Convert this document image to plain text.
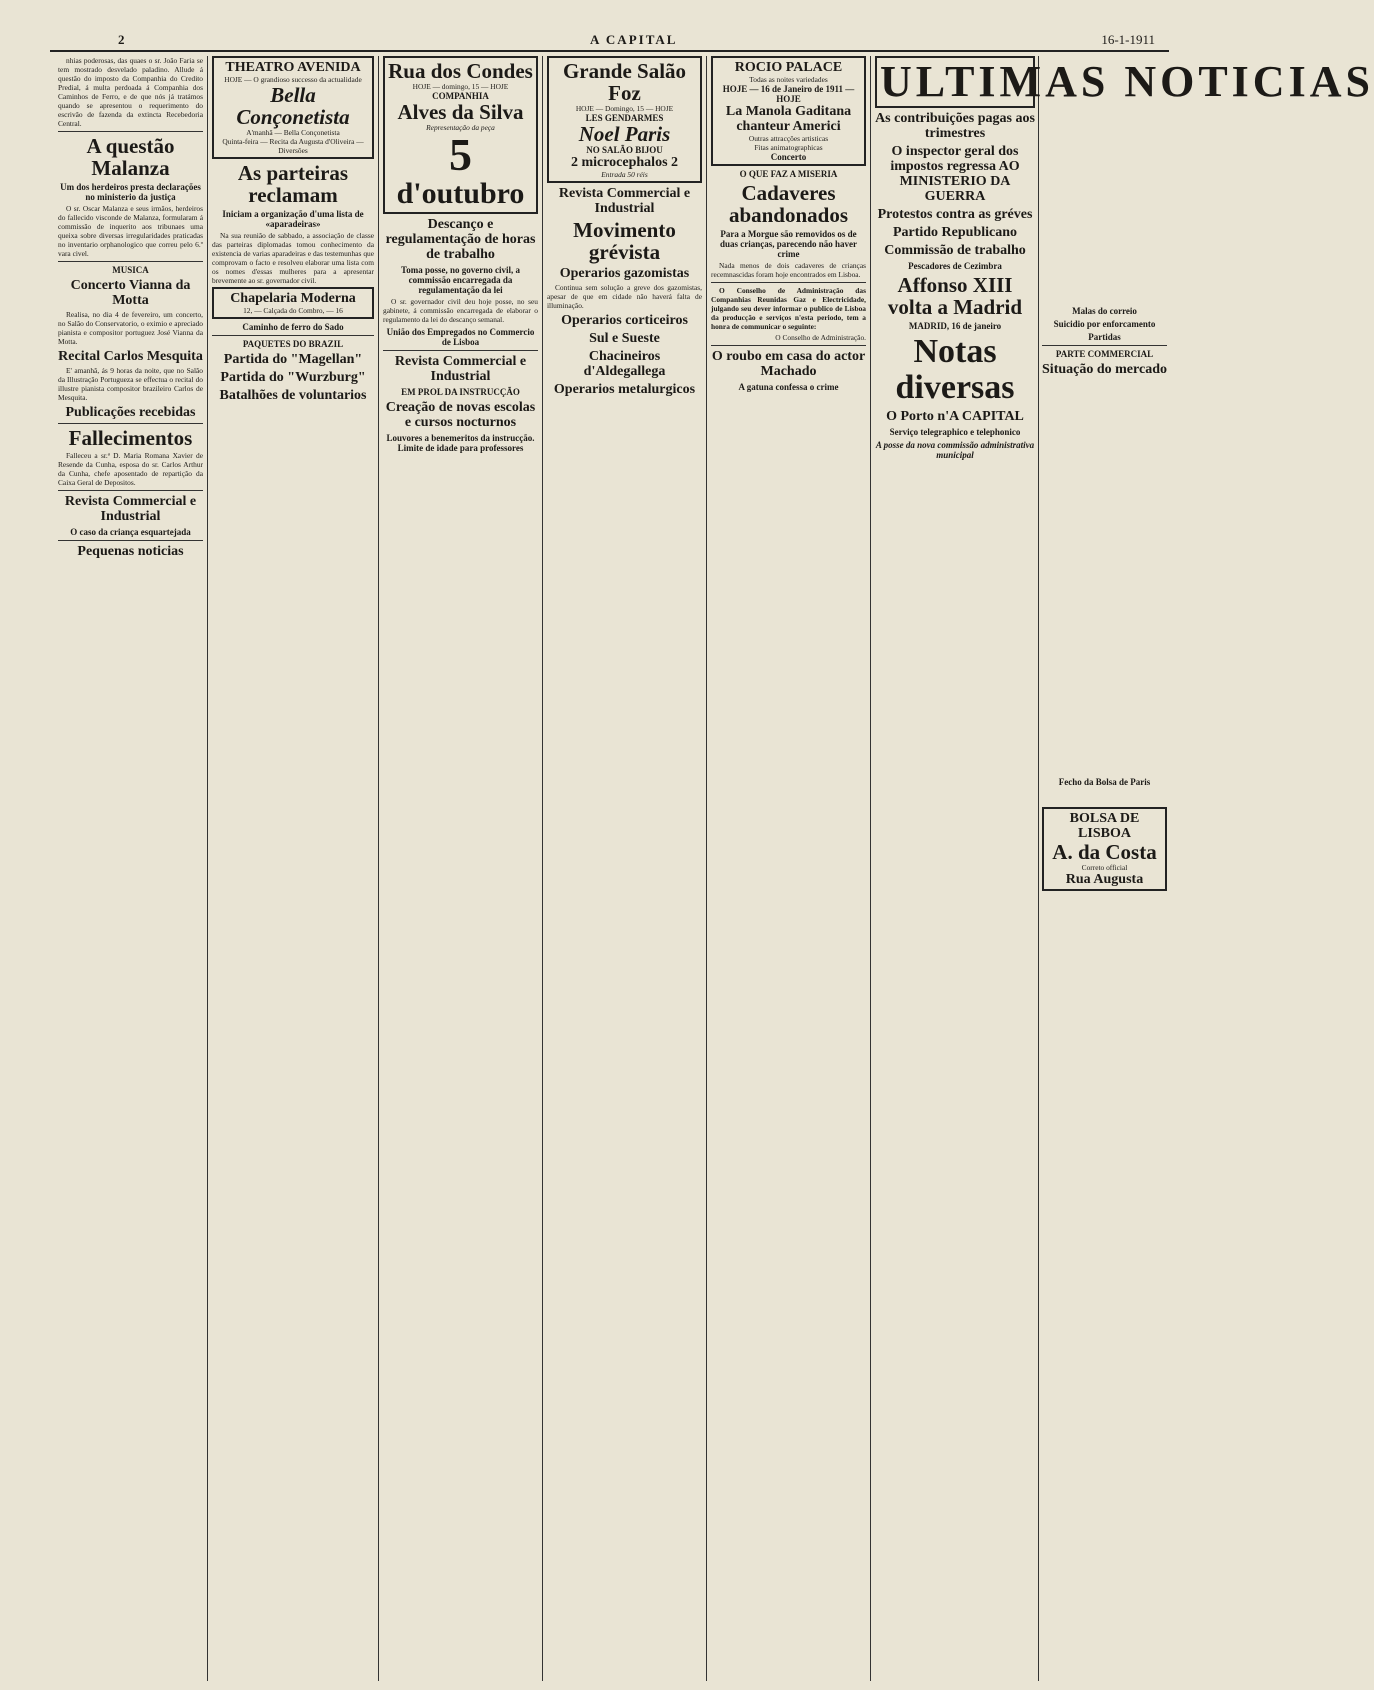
2	A CAPITAL	16-1-1911

nhias poderosas, das quaes o sr. João Faria se tem mostrado desvelado paladino. Allude á questão do imposto da Companhia do Credito Predial, á multa perdoada á Companhia dos Caminhos de Ferro, e de que nós já tratámos quando se apresentou o requerimento do escrivão de fazenda da extincta Recebedoria Central.

A questão Malanza
Um dos herdeiros presta declarações no ministerio da justiça

O sr. Oscar Malanza e seus irmãos, herdeiros do fallecido visconde de Malanza, formularam á commissão de inquerito aos tribunaes uma queixa sobre diversas irregularidades praticadas no inventario orphanologico que correu pelo 6.º vara civel.

MUSICA
Concerto Vianna da Motta

Realisa, no dia 4 de fevereiro, um concerto, no Salão do Conservatorio, o eximio e apreciado pianista e compositor portuguez José Vianna da Motta.

Recital Carlos Mesquita

E' amanhã, ás 9 horas da noite, que no Salão da Illustração Portugueza se effectua o recital do illustre pianista compositor brazileiro Carlos de Mesquita.

Publicações recebidas
Fallecimentos

Falleceu a sr.ª D. Maria Romana Xavier de Resende da Cunha, esposa do sr. Carlos Arthur da Cunha, chefe aposentado de repartição da Caixa Geral de Depositos.

Revista Commercial e Industrial
O caso da criança esquartejada
Pequenas noticias
THEATRO AVENIDA
HOJE — O grandioso successo da actualidade
Bella Conçonetista
A'manhã — Bella Conçonetista
Quinta-feira — Recita da Augusta d'Oliveira — Diversões
As parteiras reclamam
Iniciam a organização d'uma lista de «aparadeiras»

Na sua reunião de sabbado, a associação de classe das parteiras diplomadas tomou conhecimento da existencia de varias aparadeiras e das testemunhas que comprovam o facto e resolveu elaborar uma lista com os nomes d'essas mulheres para a apresentar brevemente ao sr. governador civil.

Chapelaria Moderna
12, — Calçada do Combro, — 16
Caminho de ferro do Sado
PAQUETES DO BRAZIL
Partida do "Magellan"
Partida do "Wurzburg"
Batalhões de voluntarios
Rua dos Condes
HOJE — domingo, 15 — HOJE
COMPANHIA
Alves da Silva
Representação da peça
5
d'outubro
Descanço e regulamentação de horas de trabalho
Toma posse, no governo civil, a commissão encarregada da regulamentação da lei

O sr. governador civil deu hoje posse, no seu gabinete, á commissão encarregada de elaborar o regulamento da lei do descanço semanal.

União dos Empregados no Commercio de Lisboa
Revista Commercial e Industrial
EM PROL DA INSTRUCÇÃO
Creação de novas escolas e cursos nocturnos
Louvores a benemeritos da instrucção. Limite de idade para professores
Grande Salão Foz
HOJE — Domingo, 15 — HOJE
LES GENDARMES
Noel Paris
NO SALÃO BIJOU
2 microcephalos 2
Entrada 50 réis
Revista Commercial e Industrial
Movimento grévista
Operarios gazomistas

Continua sem solução a greve dos gazomistas, apesar de que em cidade não haverá falta de illuminação.

Operarios corticeiros
Sul e Sueste
Chacineiros d'Aldegallega
Operarios metalurgicos
ROCIO PALACE
Todas as noites variedades
HOJE — 16 de Janeiro de 1911 — HOJE
La Manola Gaditana
chanteur Americi
Outras attracções artisticas
Fitas animatographicas
Concerto
O QUE FAZ A MISERIA
Cadaveres abandonados
Para a Morgue são removidos os de duas crianças, parecendo não haver crime

Nada menos de dois cadaveres de crianças recemnascidas foram hoje encontrados em Lisboa.

O Conselho de Administração das Companhias Reunidas Gaz e Electricidade, julgando seu dever informar o publico de Lisboa da producção e serviços n'esta periodo, tem a honra de communicar o seguinte:

O Conselho de Administração.

O roubo em casa do actor Machado
A gatuna confessa o crime
ULTIMAS NOTICIAS
As contribuições pagas aos trimestres
O inspector geral dos impostos regressa AO MINISTERIO DA GUERRA
Protestos contra as gréves
Partido Republicano
Commissão de trabalho
Pescadores de Cezimbra
Affonso XIII volta a Madrid
MADRID, 16 de janeiro
Notas diversas
O Porto n'A CAPITAL
Serviço telegraphico e telephonico
A posse da nova commissão administrativa municipal
Malas do correio
Suicidio por enforcamento
Partidas
PARTE COMMERCIAL
Situação do mercado
Fecho da Bolsa de Paris
BOLSA DE LISBOA
A. da Costa
Correto official
Rua Augusta
